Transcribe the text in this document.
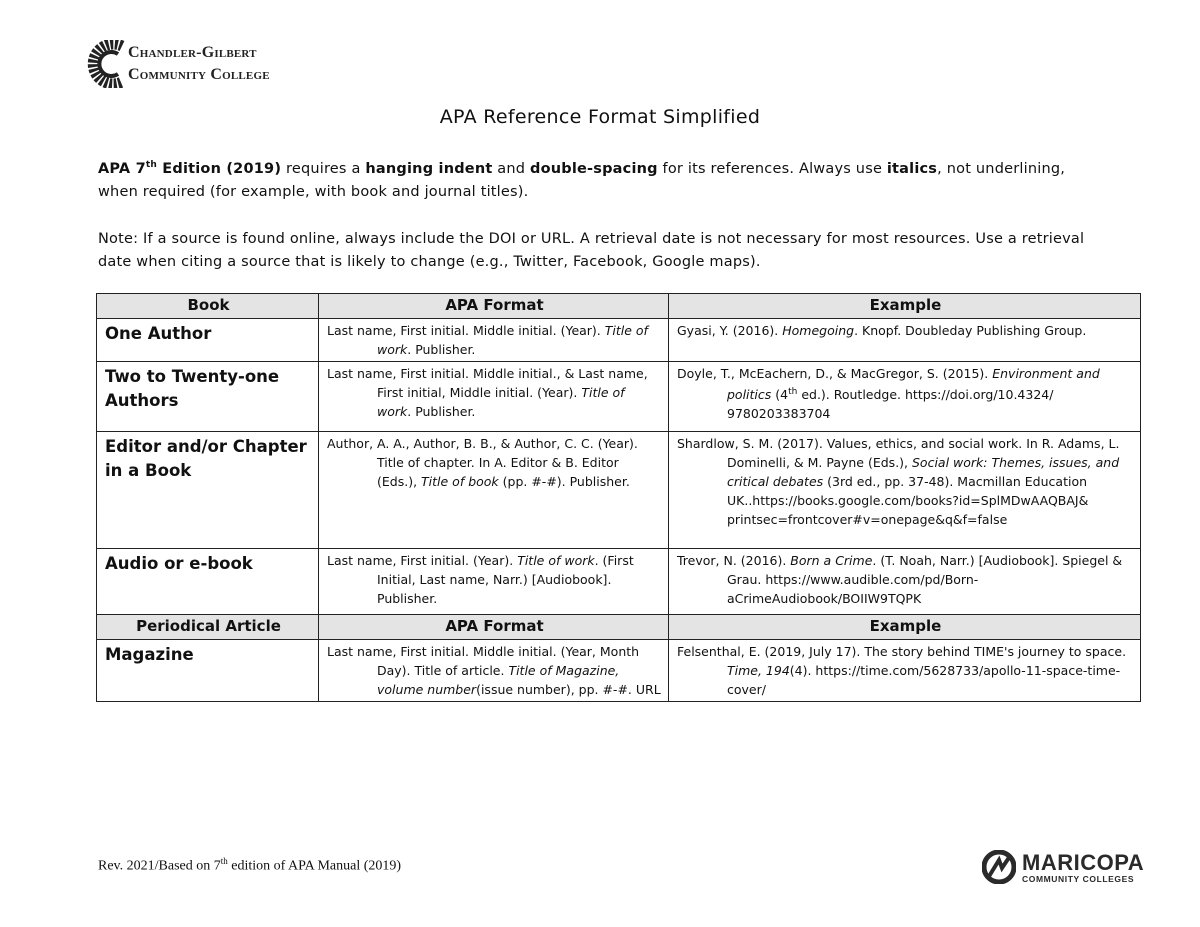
Chandler-Gilbert
Community College
APA Reference Format Simplified
APA 7th Edition (2019) requires a hanging indent and double-spacing for its references. Always use italics, not underlining, when required (for example, with book and journal titles).
Note: If a source is found online, always include the DOI or URL. A retrieval date is not necessary for most resources. Use a retrieval date when citing a source that is likely to change (e.g., Twitter, Facebook, Google maps).
Book	APA Format	Example
One Author	Last name, First initial. Middle initial. (Year). Title of work. Publisher.	Gyasi, Y. (2016). Homegoing. Knopf. Doubleday Publishing Group.

Two to Twenty-one Authors	Last name, First initial. Middle initial., & Last name, First initial, Middle initial. (Year). Title of work. Publisher.	Doyle, T., McEachern, D., & MacGregor, S. (2015). Environment and politics (4th ed.). Routledge. https://doi.org/10.4324/ 9780203383704

Editor and/or Chapter in a Book	Author, A. A., Author, B. B., & Author, C. C. (Year). Title of chapter. In A. Editor & B. Editor (Eds.), Title of book (pp. #-#). Publisher.	Shardlow, S. M. (2017). Values, ethics, and social work. In R. Adams, L. Dominelli, & M. Payne (Eds.), Social work: Themes, issues, and critical debates (3rd ed., pp. 37-48). Macmillan Education UK..https://books.google.com/books?id=SplMDwAAQBAJ& printsec=frontcover#v=onepage&q&f=false

Audio or e-book	Last name, First initial. (Year). Title of work. (First Initial, Last name, Narr.) [Audiobook]. Publisher.	Trevor, N. (2016). Born a Crime. (T. Noah, Narr.) [Audiobook]. Spiegel & Grau. https://www.audible.com/pd/Born-aCrimeAudiobook/BOIIW9TQPK

Periodical Article	APA Format	Example
Magazine	Last name, First initial. Middle initial. (Year, Month Day). Title of article. Title of Magazine, volume number(issue number), pp. #-#. URL	Felsenthal, E. (2019, July 17). The story behind TIME's journey to space. Time, 194(4). https://time.com/5628733/apollo-11-space-time-cover/
Rev. 2021/Based on 7th edition of APA Manual (2019)	MARICOPA
COMMUNITY COLLEGES
